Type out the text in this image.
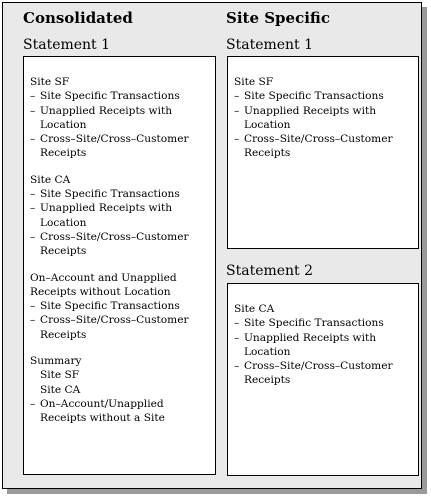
Consolidated
Statement 1
Site SF
– Site Specific Transactions
– Unapplied Receipts with
Location
– Cross–Site/Cross–Customer
Receipts
Site CA
– Site Specific Transactions
– Unapplied Receipts with
Location
– Cross–Site/Cross–Customer
Receipts
On–Account and Unapplied
Receipts without Location
– Site Specific Transactions
– Cross–Site/Cross–Customer
Receipts
Summary
Site SF
Site CA
– On–Account/Unapplied
Receipts without a Site
Site Specific
Statement 1
Site SF
– Site Specific Transactions
– Unapplied Receipts with
Location
– Cross–Site/Cross–Customer
Receipts
Statement 2
Site CA
– Site Specific Transactions
– Unapplied Receipts with
Location
– Cross–Site/Cross–Customer
Receipts
